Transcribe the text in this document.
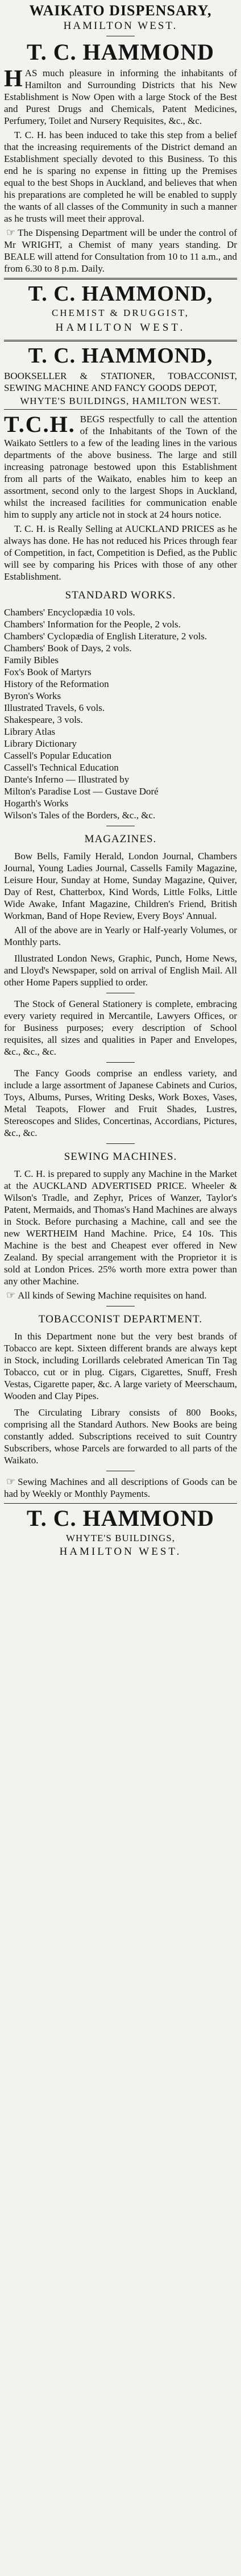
WAIKATO DISPENSARY,
HAMILTON WEST.
T. C. HAMMOND

HAS much pleasure in informing the inhabitants of Hamilton and Surrounding Districts that his New Establishment is Now Open with a large Stock of the Best and Purest Drugs and Chemicals, Patent Medicines, Perfumery, Toilet and Nursery Requisites, &c., &c.

T. C. H. has been induced to take this step from a belief that the increasing requirements of the District demand an Establishment specially devoted to this Business. To this end he is sparing no expense in fitting up the Premises equal to the best Shops in Auckland, and believes that when his preparations are completed he will be enabled to supply the wants of all classes of the Community in such a manner as he trusts will meet their approval.

☞ The Dispensing Department will be under the control of Mr WRIGHT, a Chemist of many years standing. Dr BEALE will attend for Consultation from 10 to 11 a.m., and from 6.30 to 8 p.m. Daily.

T. C. HAMMOND,
CHEMIST & DRUGGIST,
HAMILTON WEST.
T. C. HAMMOND,

BOOKSELLER & STATIONER, TOBACCONIST, SEWING MACHINE AND FANCY GOODS DEPOT,

WHYTE'S BUILDINGS, HAMILTON WEST.

T.C.H. BEGS respectfully to call the attention of the Inhabitants of the Town of the Waikato Settlers to a few of the leading lines in the various departments of the above business. The large and still increasing patronage bestowed upon this Establishment from all parts of the Waikato, enables him to keep an assortment, second only to the largest Shops in Auckland, whilst the increased facilities for communication enable him to supply any article not in stock at 24 hours notice.

T. C. H. is Really Selling at AUCKLAND PRICES as he always has done. He has not reduced his Prices through fear of Competition, in fact, Competition is Defied, as the Public will see by comparing his Prices with those of any other Establishment.

STANDARD WORKS.
Chambers' Encyclopædia 10 vols.
Chambers' Information for the People, 2 vols.
Chambers' Cyclopædia of English Literature, 2 vols.
Chambers' Book of Days, 2 vols.
Family Bibles
Fox's Book of Martyrs
History of the Reformation
Byron's Works
Illustrated Travels, 6 vols.
Shakespeare, 3 vols.
Library Atlas
Library Dictionary
Cassell's Popular Education
Cassell's Technical Education
Dante's Inferno — Illustrated by
Milton's Paradise Lost — Gustave Doré
Hogarth's Works
Wilson's Tales of the Borders, &c., &c.
MAGAZINES.

Bow Bells, Family Herald, London Journal, Chambers Journal, Young Ladies Journal, Cassells Family Magazine, Leisure Hour, Sunday at Home, Sunday Magazine, Quiver, Day of Rest, Chatterbox, Kind Words, Little Folks, Little Wide Awake, Infant Magazine, Children's Friend, British Workman, Band of Hope Review, Every Boys' Annual.

All of the above are in Yearly or Half-yearly Volumes, or Monthly parts.

Illustrated London News, Graphic, Punch, Home News, and Lloyd's Newspaper, sold on arrival of English Mail. All other Home Papers supplied to order.

The Stock of General Stationery is complete, embracing every variety required in Mercantile, Lawyers Offices, or for Business purposes; every description of School requisites, all sizes and qualities in Paper and Envelopes, &c., &c., &c.

The Fancy Goods comprise an endless variety, and include a large assortment of Japanese Cabinets and Curios, Toys, Albums, Purses, Writing Desks, Work Boxes, Vases, Metal Teapots, Flower and Fruit Shades, Lustres, Stereoscopes and Slides, Concertinas, Accordians, Pictures, &c., &c.

SEWING MACHINES.

T. C. H. is prepared to supply any Machine in the Market at the AUCKLAND ADVERTISED PRICE. Wheeler & Wilson's Tradle, and Zephyr, Prices of Wanzer, Taylor's Patent, Mermaids, and Thomas's Hand Machines are always in Stock. Before purchasing a Machine, call and see the new WERTHEIM Hand Machine. Price, £4 10s. This Machine is the best and Cheapest ever offered in New Zealand. By special arrangement with the Proprietor it is sold at London Prices. 25% worth more extra power than any other Machine.

☞ All kinds of Sewing Machine requisites on hand.

TOBACCONIST DEPARTMENT.

In this Department none but the very best brands of Tobacco are kept. Sixteen different brands are always kept in Stock, including Lorillards celebrated American Tin Tag Tobacco, cut or in plug. Cigars, Cigarettes, Snuff, Fresh Vestas, Cigarette paper, &c. A large variety of Meerschaum, Wooden and Clay Pipes.

The Circulating Library consists of 800 Books, comprising all the Standard Authors. New Books are being constantly added. Subscriptions received to suit Country Subscribers, whose Parcels are forwarded to all parts of the Waikato.

☞ Sewing Machines and all descriptions of Goods can be had by Weekly or Monthly Payments.

T. C. HAMMOND
WHYTE'S BUILDINGS,
HAMILTON WEST.
